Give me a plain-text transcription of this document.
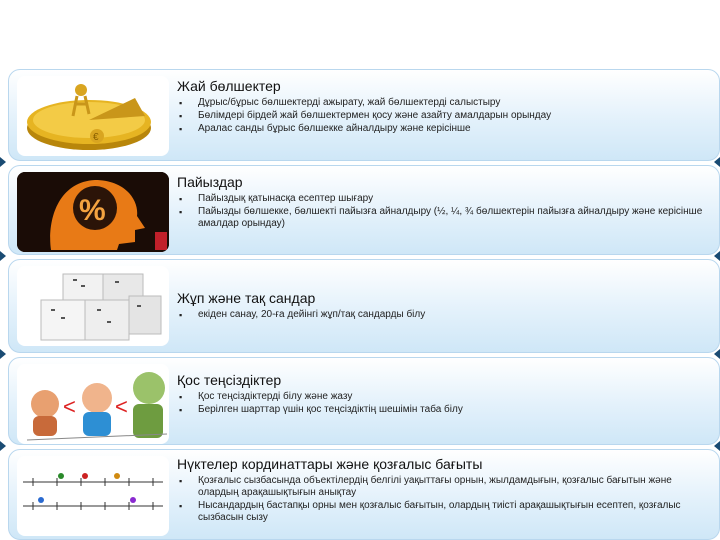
€
Жай бөлшектер
▪ Дұрыс/бұрыс бөлшектерді ажырату, жай бөлшектерді салыстыру
▪ Бөлімдері бірдей жай бөлшектермен қосу және азайту амалдарын орындау
▪ Аралас санды бұрыс бөлшекке айналдыру және керісінше
%
Пайыздар
▪ Пайыздық қатынасқа есептер шығару
▪ Пайызды бөлшекке, бөлшекті пайызға айналдыру (½, ¼, ¾ бөлшектерін пайызға айналдыру және керісінше амалдар орындау)
Жұп және тақ сандар
▪ екіден санау, 20-ға дейінгі жұп/тақ сандарды білу
< <
Қос теңсіздіктер
▪ Қос теңсіздіктерді білу және жазу
▪ Берілген шарттар үшін қос теңсіздіктің шешімін таба білу
Нүктелер кординаттары және қозғалыс бағыты
▪ Қозғалыс сызбасында объектілердің белгілі уақыттағы орнын, жылдамдығын, қозғалыс бағытын және олардың арақашықтығын анықтау
▪ Нысандардың бастапқы орны мен қозғалыс бағытын, олардың тиісті арақашықтығын есептеп, қозғалыс сызбасын сызу
